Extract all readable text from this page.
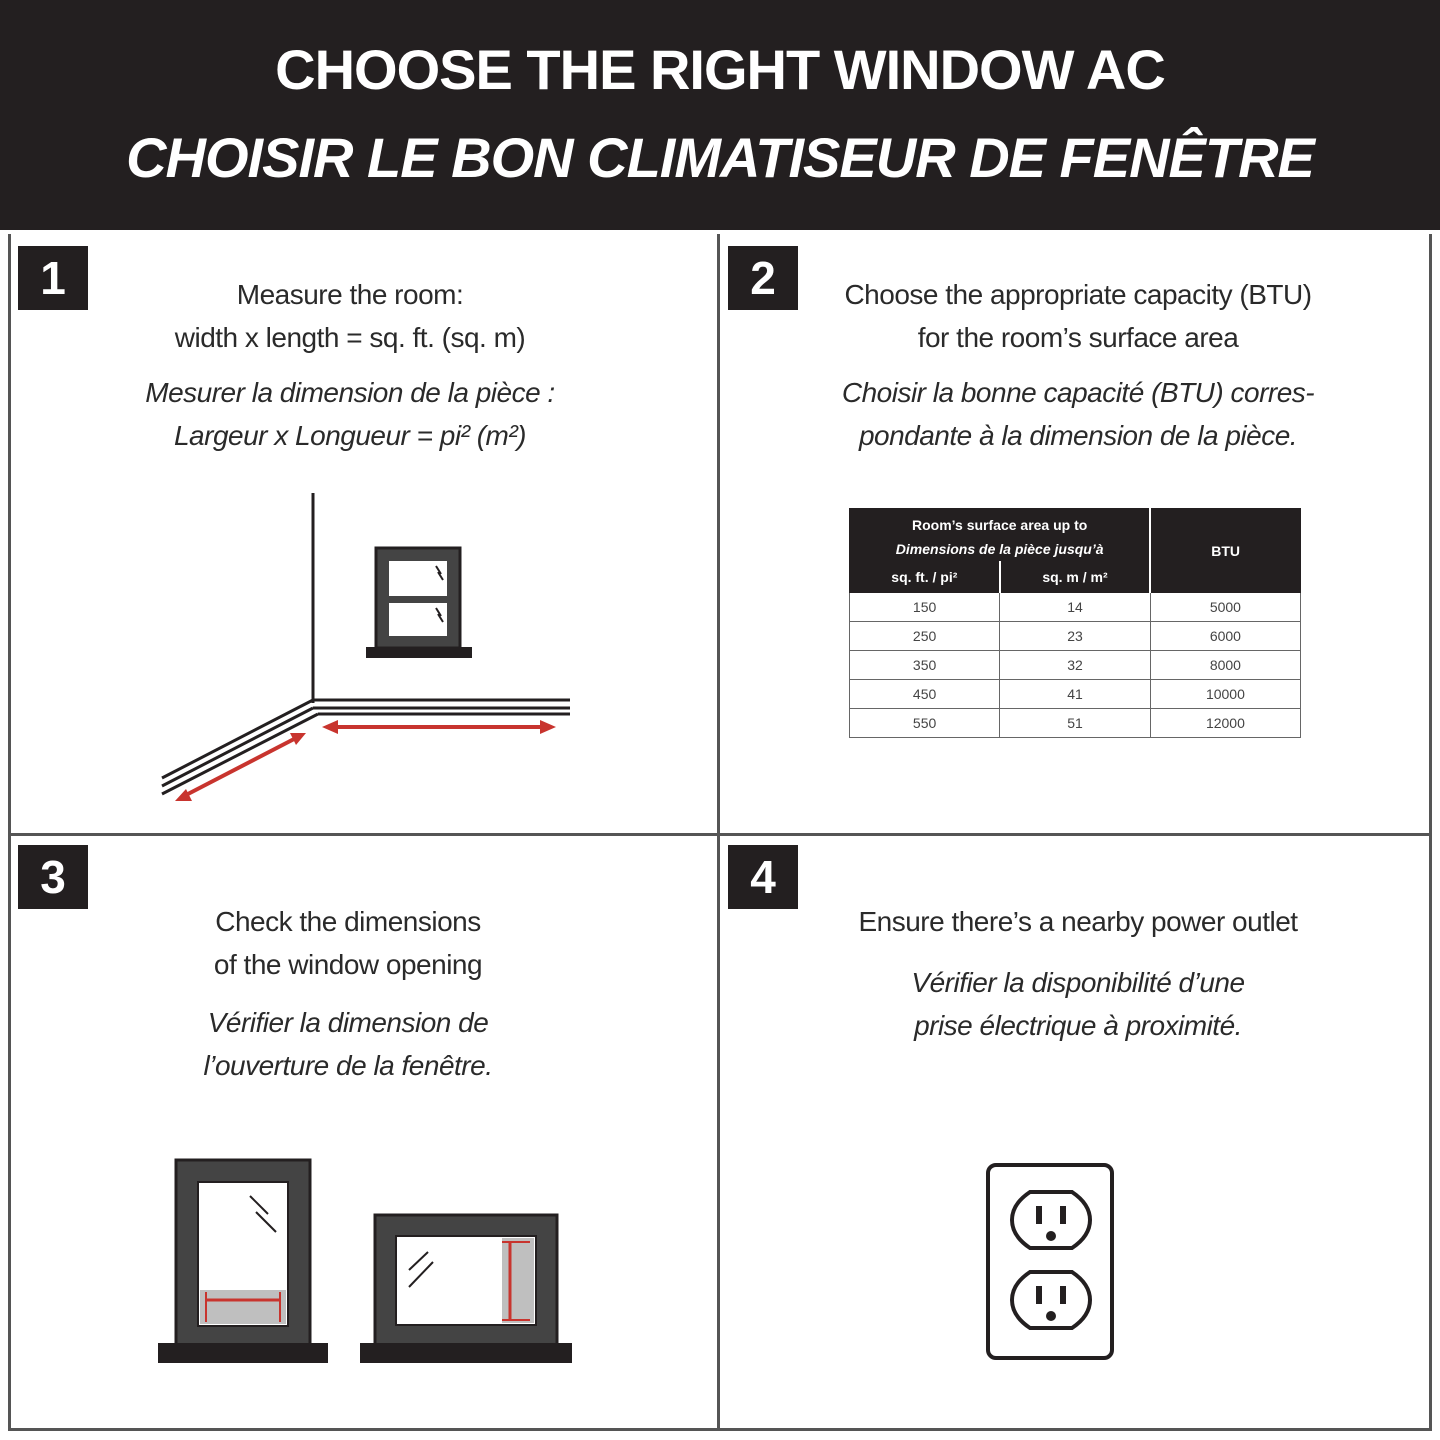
CHOOSE THE RIGHT WINDOW AC
CHOISIR LE BON CLIMATISEUR DE FENÊTRE
1	Measure the room:
width x length = sq. ft. (sq. m)
Mesurer la dimension de la pièce :
Largeur x Longueur = pi² (m²)
2	Choose the appropriate capacity (BTU)
for the room’s surface area
Choisir la bonne capacité (BTU) corres-
pondante à la dimension de la pièce.
Room’s surface area up to
Dimensions de la pièce jusqu’à		BTU
sq. ft. / pi²	sq. m / m²	
150	14	5000
250	23	6000
350	32	8000
450	41	10000
550	51	12000
3
Check the dimensions
of the window opening
Vérifier la dimension de
l’ouverture de la fenêtre.
4
Ensure there’s a nearby power outlet
Vérifier la disponibilité d’une
prise électrique à proximité.
